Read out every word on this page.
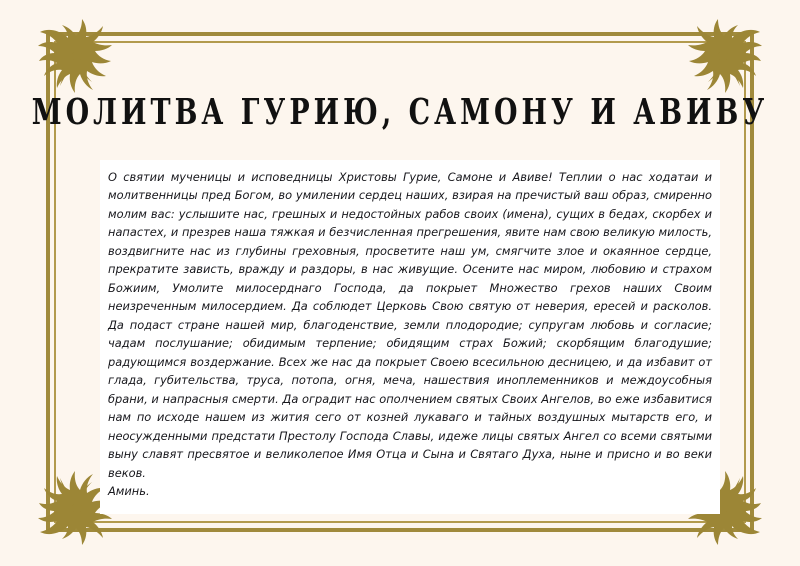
МОЛИТВА ГУРИЮ, САМОНУ И АВИВУ

О святии мученицы и исповедницы Христовы Гурие, Самоне и Авиве! Теплии о нас ходатаи и молитвенницы пред Богом, во умилении сердец наших, взирая на пречистый ваш образ, смиренно молим вас: услышите нас, грешных и недостойных рабов своих (имена), сущих в бедах, скорбех и напастех, и презрев наша тяжкая и безчисленная прегрешения, явите нам свою великую милость, воздвигните нас из глубины греховныя, просветите наш ум, смягчите злое и окаянное сердце, прекратите зависть, вражду и раздоры, в нас живущие. Осените нас миром, любовию и страхом Божиим, Умолите милосерднаго Господа, да покрыет Множество грехов наших Своим неизреченным милосердием. Да соблюдет Церковь Свою святую от неверия, ересей и расколов. Да подаст стране нашей мир, благоденствие, земли плодородие; супругам любовь и согласие; чадам послушание; обидимым терпение; обидящим страх Божий; скорбящим благодушие; радующимся воздержание. Всех же нас да покрыет Своею всесильною десницею, и да избавит от глада, губительства, труса, потопа, огня, меча, нашествия иноплеменников и междоусобныя брани, и напрасныя смерти. Да оградит нас ополчением святых Своих Ангелов, во еже избавитися нам по исходе нашем из жития сего от козней лукаваго и тайных воздушных мытарств его, и неосужденными предстати Престолу Господа Славы, идеже лицы святых Ангел со всеми святыми выну славят пресвятое и великолепое Имя Отца и Сына и Святаго Духа, ныне и присно и во веки веков.

Аминь.
